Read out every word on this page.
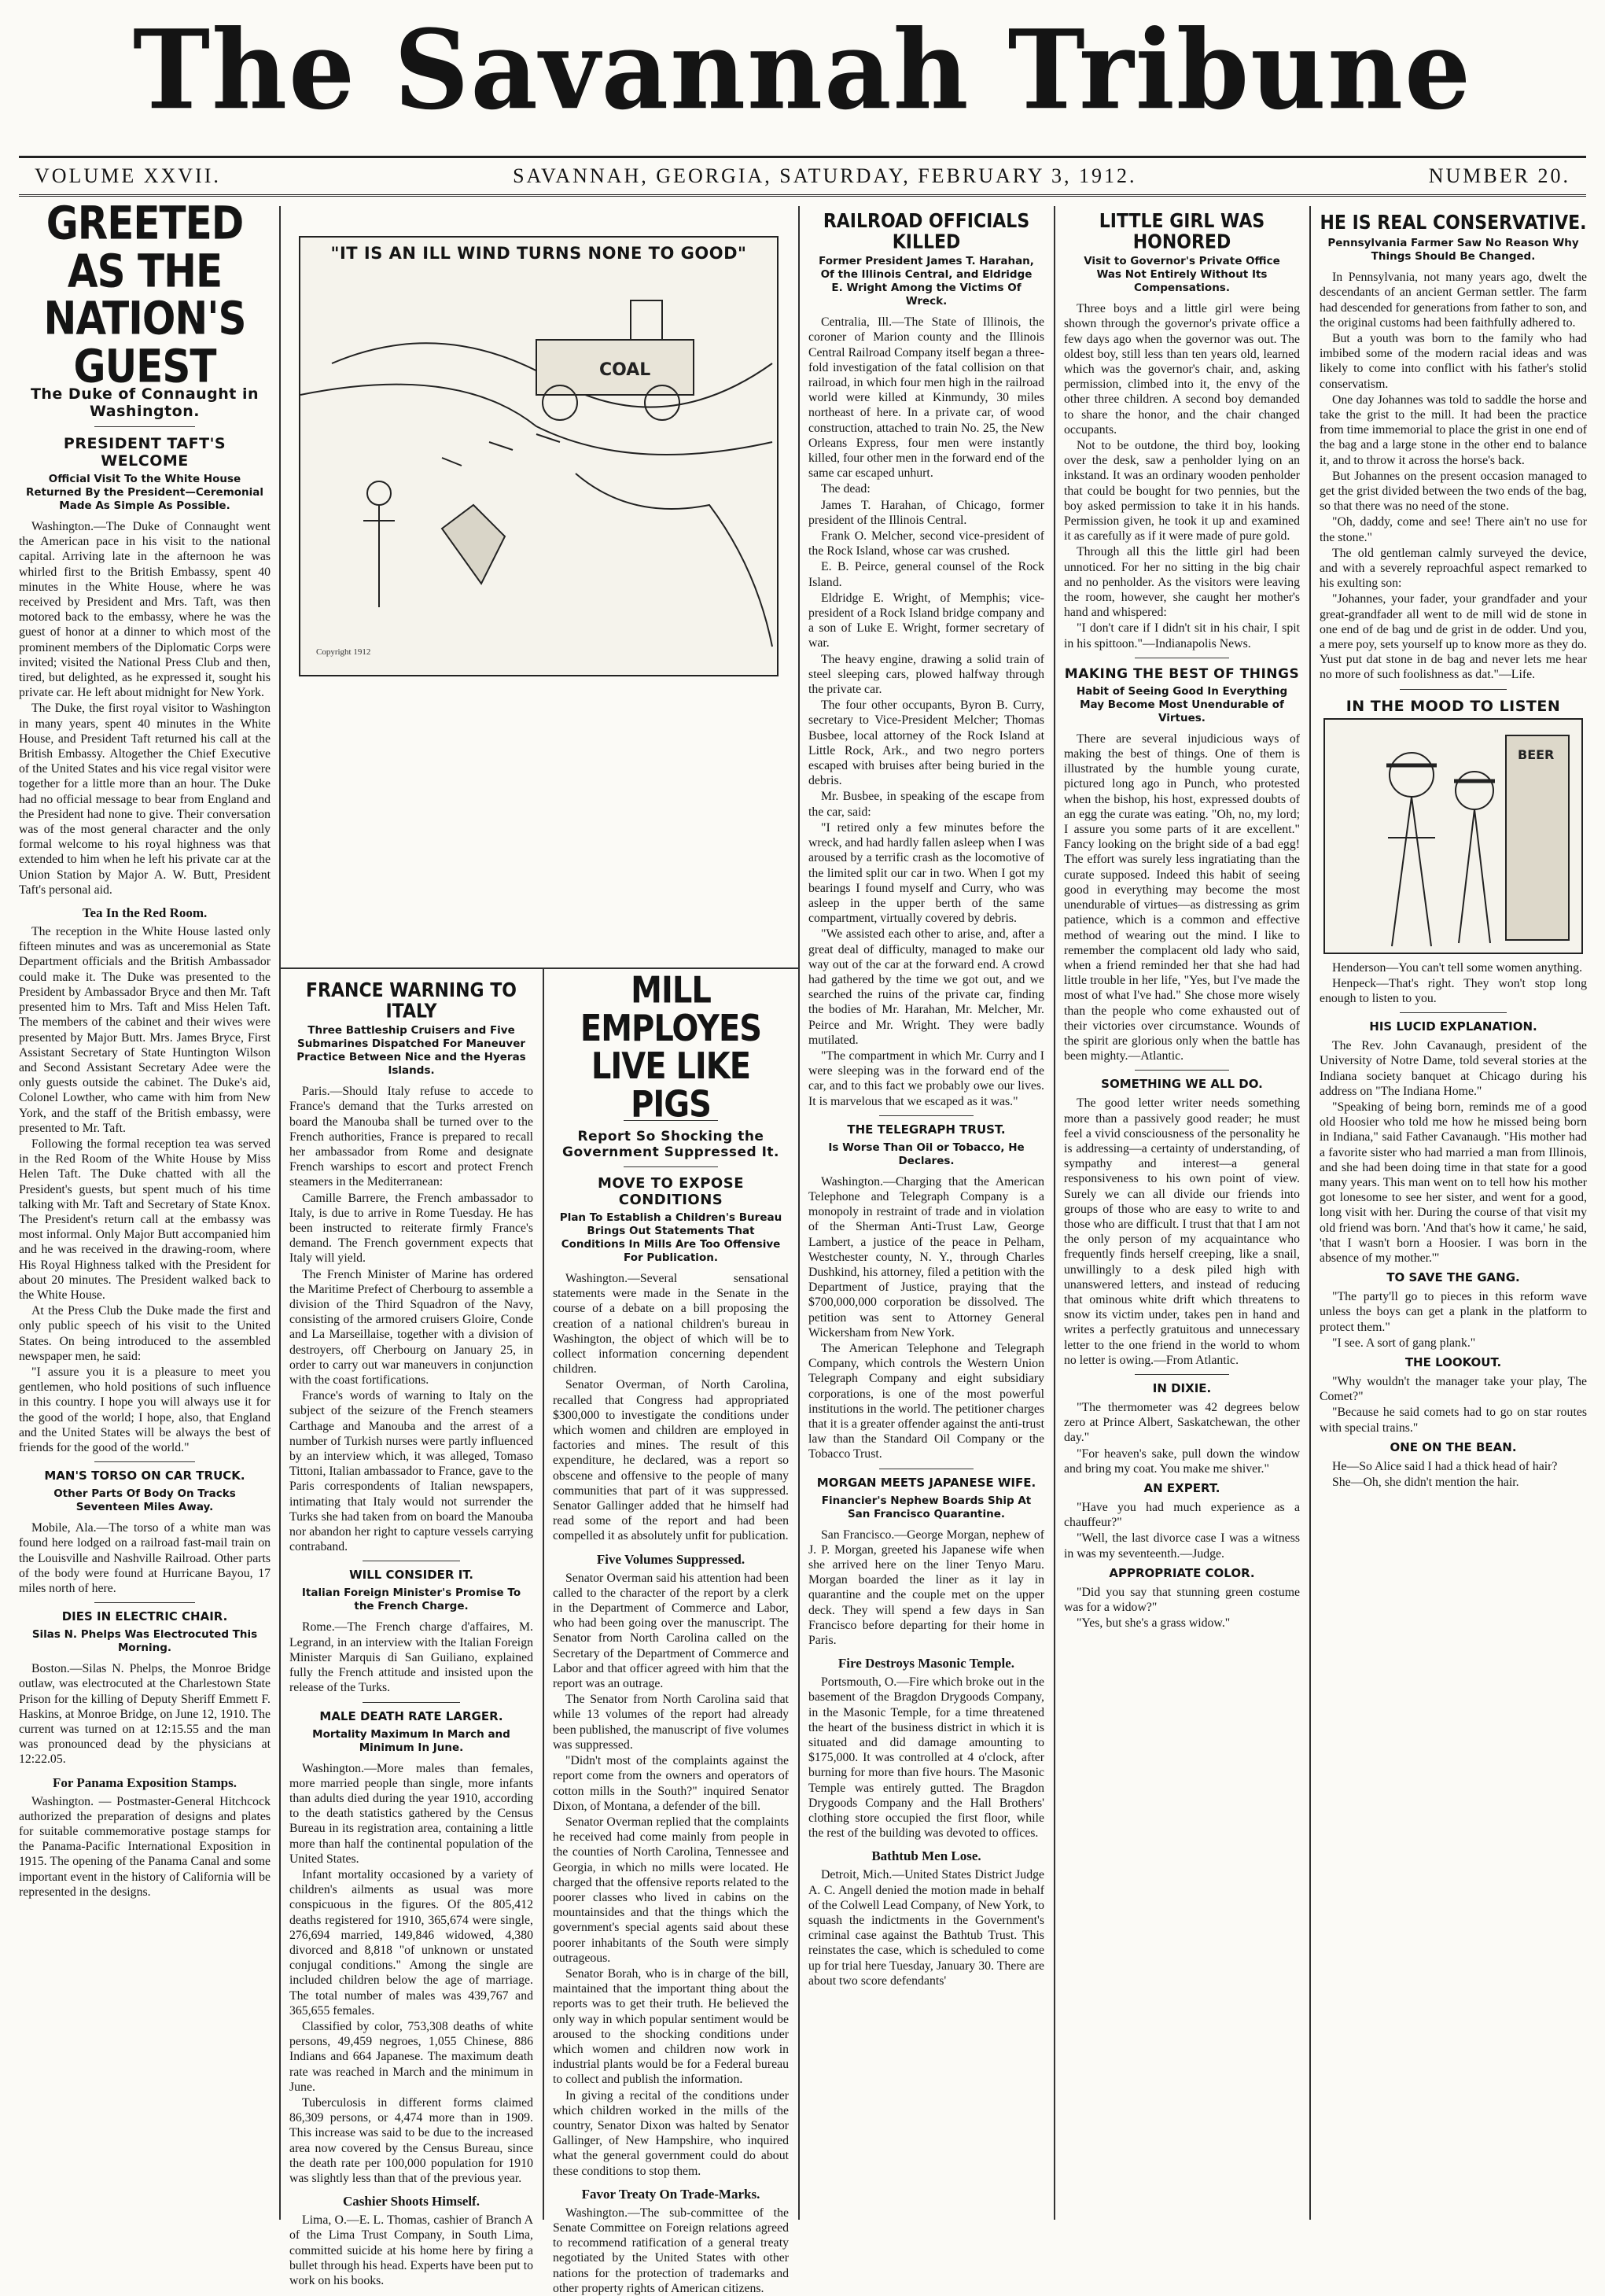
The Savannah Tribune
VOLUME XXVII.	SAVANNAH, GEORGIA, SATURDAY, FEBRUARY 3, 1912.	NUMBER 20.
GREETED AS THE NATION'S GUEST
The Duke of Connaught in Washington.
PRESIDENT TAFT'S WELCOME
Official Visit To the White House Returned By the President—Ceremonial Made As Simple As Possible.

Washington.—The Duke of Connaught went the American pace in his visit to the national capital. Arriving late in the afternoon he was whirled first to the British Embassy, spent 40 minutes in the White House, where he was received by President and Mrs. Taft, was then motored back to the embassy, where he was the guest of honor at a dinner to which most of the prominent members of the Diplomatic Corps were invited; visited the National Press Club and then, tired, but delighted, as he expressed it, sought his private car. He left about midnight for New York.

The Duke, the first royal visitor to Washington in many years, spent 40 minutes in the White House, and President Taft returned his call at the British Embassy. Altogether the Chief Executive of the United States and his vice regal visitor were together for a little more than an hour. The Duke had no official message to bear from England and the President had none to give. Their conversation was of the most general character and the only formal welcome to his royal highness was that extended to him when he left his private car at the Union Station by Major A. W. Butt, President Taft's personal aid.

Tea In the Red Room.

The reception in the White House lasted only fifteen minutes and was as unceremonial as State Department officials and the British Ambassador could make it. The Duke was presented to the President by Ambassador Bryce and then Mr. Taft presented him to Mrs. Taft and Miss Helen Taft. The members of the cabinet and their wives were presented by Major Butt. Mrs. James Bryce, First Assistant Secretary of State Huntington Wilson and Second Assistant Secretary Adee were the only guests outside the cabinet. The Duke's aid, Colonel Lowther, who came with him from New York, and the staff of the British embassy, were presented to Mr. Taft.

Following the formal reception tea was served in the Red Room of the White House by Miss Helen Taft. The Duke chatted with all the President's guests, but spent much of his time talking with Mr. Taft and Secretary of State Knox. The President's return call at the embassy was most informal. Only Major Butt accompanied him and he was received in the drawing-room, where His Royal Highness talked with the President for about 20 minutes. The President walked back to the White House.

At the Press Club the Duke made the first and only public speech of his visit to the United States. On being introduced to the assembled newspaper men, he said:

"I assure you it is a pleasure to meet you gentlemen, who hold positions of such influence in this country. I hope you will always use it for the good of the world; I hope, also, that England and the United States will be always the best of friends for the good of the world."

MAN'S TORSO ON CAR TRUCK.
Other Parts Of Body On Tracks Seventeen Miles Away.

Mobile, Ala.—The torso of a white man was found here lodged on a railroad fast-mail train on the Louisville and Nashville Railroad. Other parts of the body were found at Hurricane Bayou, 17 miles north of here.

DIES IN ELECTRIC CHAIR.
Silas N. Phelps Was Electrocuted This Morning.

Boston.—Silas N. Phelps, the Monroe Bridge outlaw, was electrocuted at the Charlestown State Prison for the killing of Deputy Sheriff Emmett F. Haskins, at Monroe Bridge, on June 12, 1910. The current was turned on at 12:15.55 and the man was pronounced dead by the physicians at 12:22.05.

For Panama Exposition Stamps.

Washington. — Postmaster-General Hitchcock authorized the preparation of designs and plates for suitable commemorative postage stamps for the Panama-Pacific International Exposition in 1915. The opening of the Panama Canal and some important event in the history of California will be represented in the designs.

"IT IS AN ILL WIND TURNS NONE TO GOOD"
COAL
Copyright 1912
FRANCE WARNING TO ITALY
Three Battleship Cruisers and Five Submarines Dispatched For Maneuver Practice Between Nice and the Hyeras Islands.

Paris.—Should Italy refuse to accede to France's demand that the Turks arrested on board the Manouba shall be turned over to the French authorities, France is prepared to recall her ambassador from Rome and designate French warships to escort and protect French steamers in the Mediterranean:

Camille Barrere, the French ambassador to Italy, is due to arrive in Rome Tuesday. He has been instructed to reiterate firmly France's demand. The French government expects that Italy will yield.

The French Minister of Marine has ordered the Maritime Prefect of Cherbourg to assemble a division of the Third Squadron of the Navy, consisting of the armored cruisers Gloire, Conde and La Marseillaise, together with a division of destroyers, off Cherbourg on January 25, in order to carry out war maneuvers in conjunction with the coast fortifications.

France's words of warning to Italy on the subject of the seizure of the French steamers Carthage and Manouba and the arrest of a number of Turkish nurses were partly influenced by an interview which, it was alleged, Tomaso Tittoni, Italian ambassador to France, gave to the Paris correspondents of Italian newspapers, intimating that Italy would not surrender the Turks she had taken from on board the Manouba nor abandon her right to capture vessels carrying contraband.

WILL CONSIDER IT.
Italian Foreign Minister's Promise To the French Charge.

Rome.—The French charge d'affaires, M. Legrand, in an interview with the Italian Foreign Minister Marquis di San Guiliano, explained fully the French attitude and insisted upon the release of the Turks.

MALE DEATH RATE LARGER.
Mortality Maximum In March and Minimum In June.

Washington.—More males than females, more married people than single, more infants than adults died during the year 1910, according to the death statistics gathered by the Census Bureau in its registration area, containing a little more than half the continental population of the United States.

Infant mortality occasioned by a variety of children's ailments as usual was more conspicuous in the figures. Of the 805,412 deaths registered for 1910, 365,674 were single, 276,694 married, 149,846 widowed, 4,380 divorced and 8,818 "of unknown or unstated conjugal conditions." Among the single are included children below the age of marriage. The total number of males was 439,767 and 365,655 females.

Classified by color, 753,308 deaths of white persons, 49,459 negroes, 1,055 Chinese, 886 Indians and 664 Japanese. The maximum death rate was reached in March and the minimum in June.

Tuberculosis in different forms claimed 86,309 persons, or 4,474 more than in 1909. This increase was said to be due to the increased area now covered by the Census Bureau, since the death rate per 100,000 population for 1910 was slightly less than that of the previous year.

Cashier Shoots Himself.

Lima, O.—E. L. Thomas, cashier of Branch A of the Lima Trust Company, in South Lima, committed suicide at his home here by firing a bullet through his head. Experts have been put to work on his books.

MILL EMPLOYES LIVE LIKE PIGS
Report So Shocking the Government Suppressed It.
MOVE TO EXPOSE CONDITIONS
Plan To Establish a Children's Bureau Brings Out Statements That Conditions In Mills Are Too Offensive For Publication.

Washington.—Several sensational statements were made in the Senate in the course of a debate on a bill proposing the creation of a national children's bureau in Washington, the object of which will be to collect information concerning dependent children.

Senator Overman, of North Carolina, recalled that Congress had appropriated $300,000 to investigate the conditions under which women and children are employed in factories and mines. The result of this expenditure, he declared, was a report so obscene and offensive to the people of many communities that part of it was suppressed. Senator Gallinger added that he himself had read some of the report and had been compelled it as absolutely unfit for publication.

Five Volumes Suppressed.

Senator Overman said his attention had been called to the character of the report by a clerk in the Department of Commerce and Labor, who had been going over the manuscript. The Senator from North Carolina called on the Secretary of the Department of Commerce and Labor and that officer agreed with him that the report was an outrage.

The Senator from North Carolina said that while 13 volumes of the report had already been published, the manuscript of five volumes was suppressed.

"Didn't most of the complaints against the report come from the owners and operators of cotton mills in the South?" inquired Senator Dixon, of Montana, a defender of the bill.

Senator Overman replied that the complaints he received had come mainly from people in the counties of North Carolina, Tennessee and Georgia, in which no mills were located. He charged that the offensive reports related to the poorer classes who lived in cabins on the mountainsides and that the things which the government's special agents said about these poorer inhabitants of the South were simply outrageous.

Senator Borah, who is in charge of the bill, maintained that the important thing about the reports was to get their truth. He believed the only way in which popular sentiment would be aroused to the shocking conditions under which women and children now work in industrial plants would be for a Federal bureau to collect and publish the information.

In giving a recital of the conditions under which children worked in the mills of the country, Senator Dixon was halted by Senator Gallinger, of New Hampshire, who inquired what the general government could do about these conditions to stop them.

Favor Treaty On Trade-Marks.

Washington.—The sub-committee of the Senate Committee on Foreign relations agreed to recommend ratification of a general treaty negotiated by the United States with other nations for the protection of trademarks and other property rights of American citizens.

RAILROAD OFFICIALS KILLED
Former President James T. Harahan, Of the Illinois Central, and Eldridge E. Wright Among the Victims Of Wreck.

Centralia, Ill.—The State of Illinois, the coroner of Marion county and the Illinois Central Railroad Company itself began a three-fold investigation of the fatal collision on that railroad, in which four men high in the railroad world were killed at Kinmundy, 30 miles northeast of here. In a private car, of wood construction, attached to train No. 25, the New Orleans Express, four men were instantly killed, four other men in the forward end of the same car escaped unhurt.

The dead:

James T. Harahan, of Chicago, former president of the Illinois Central.

Frank O. Melcher, second vice-president of the Rock Island, whose car was crushed.

E. B. Peirce, general counsel of the Rock Island.

Eldridge E. Wright, of Memphis; vice-president of a Rock Island bridge company and a son of Luke E. Wright, former secretary of war.

The heavy engine, drawing a solid train of steel sleeping cars, plowed halfway through the private car.

The four other occupants, Byron B. Curry, secretary to Vice-President Melcher; Thomas Busbee, local attorney of the Rock Island at Little Rock, Ark., and two negro porters escaped with bruises after being buried in the debris.

Mr. Busbee, in speaking of the escape from the car, said:

"I retired only a few minutes before the wreck, and had hardly fallen asleep when I was aroused by a terrific crash as the locomotive of the limited split our car in two. When I got my bearings I found myself and Curry, who was asleep in the upper berth of the same compartment, virtually covered by debris.

"We assisted each other to arise, and, after a great deal of difficulty, managed to make our way out of the car at the forward end. A crowd had gathered by the time we got out, and we searched the ruins of the private car, finding the bodies of Mr. Harahan, Mr. Melcher, Mr. Peirce and Mr. Wright. They were badly mutilated.

"The compartment in which Mr. Curry and I were sleeping was in the forward end of the car, and to this fact we probably owe our lives. It is marvelous that we escaped as it was."

THE TELEGRAPH TRUST.
Is Worse Than Oil or Tobacco, He Declares.

Washington.—Charging that the American Telephone and Telegraph Company is a monopoly in restraint of trade and in violation of the Sherman Anti-Trust Law, George Lambert, a justice of the peace in Pelham, Westchester county, N. Y., through Charles Dushkind, his attorney, filed a petition with the Department of Justice, praying that the $700,000,000 corporation be dissolved. The petition was sent to Attorney General Wickersham from New York.

The American Telephone and Telegraph Company, which controls the Western Union Telegraph Company and eight subsidiary corporations, is one of the most powerful institutions in the world. The petitioner charges that it is a greater offender against the anti-trust law than the Standard Oil Company or the Tobacco Trust.

MORGAN MEETS JAPANESE WIFE.
Financier's Nephew Boards Ship At San Francisco Quarantine.

San Francisco.—George Morgan, nephew of J. P. Morgan, greeted his Japanese wife when she arrived here on the liner Tenyo Maru. Morgan boarded the liner as it lay in quarantine and the couple met on the upper deck. They will spend a few days in San Francisco before departing for their home in Paris.

Fire Destroys Masonic Temple.

Portsmouth, O.—Fire which broke out in the basement of the Bragdon Drygoods Company, in the Masonic Temple, for a time threatened the heart of the business district in which it is situated and did damage amounting to $175,000. It was controlled at 4 o'clock, after burning for more than five hours. The Masonic Temple was entirely gutted. The Bragdon Drygoods Company and the Hall Brothers' clothing store occupied the first floor, while the rest of the building was devoted to offices.

Bathtub Men Lose.

Detroit, Mich.—United States District Judge A. C. Angell denied the motion made in behalf of the Colwell Lead Company, of New York, to squash the indictments in the Government's criminal case against the Bathtub Trust. This reinstates the case, which is scheduled to come up for trial here Tuesday, January 30. There are about two score defendants'

LITTLE GIRL WAS HONORED
Visit to Governor's Private Office Was Not Entirely Without Its Compensations.

Three boys and a little girl were being shown through the governor's private office a few days ago when the governor was out. The oldest boy, still less than ten years old, learned which was the governor's chair, and, asking permission, climbed into it, the envy of the other three children. A second boy demanded to share the honor, and the chair changed occupants.

Not to be outdone, the third boy, looking over the desk, saw a penholder lying on an inkstand. It was an ordinary wooden penholder that could be bought for two pennies, but the boy asked permission to take it in his hands. Permission given, he took it up and examined it as carefully as if it were made of pure gold.

Through all this the little girl had been unnoticed. For her no sitting in the big chair and no penholder. As the visitors were leaving the room, however, she caught her mother's hand and whispered:

"I don't care if I didn't sit in his chair, I spit in his spittoon."—Indianapolis News.

MAKING THE BEST OF THINGS
Habit of Seeing Good In Everything May Become Most Unendurable of Virtues.

There are several injudicious ways of making the best of things. One of them is illustrated by the humble young curate, pictured long ago in Punch, who protested when the bishop, his host, expressed doubts of an egg the curate was eating. "Oh, no, my lord; I assure you some parts of it are excellent." Fancy looking on the bright side of a bad egg! The effort was surely less ingratiating than the curate supposed. Indeed this habit of seeing good in everything may become the most unendurable of virtues—as distressing as grim patience, which is a common and effective method of wearing out the mind. I like to remember the complacent old lady who said, when a friend reminded her that she had had little trouble in her life, "Yes, but I've made the most of what I've had." She chose more wisely than the people who come exhausted out of their victories over circumstance. Wounds of the spirit are glorious only when the battle has been mighty.—Atlantic.

SOMETHING WE ALL DO.

The good letter writer needs something more than a passively good reader; he must feel a vivid consciousness of the personality he is addressing—a certainty of understanding, of sympathy and interest—a general responsiveness to his own point of view. Surely we can all divide our friends into groups of those who are easy to write to and those who are difficult. I trust that that I am not the only person of my acquaintance who frequently finds herself creeping, like a snail, unwillingly to a desk piled high with unanswered letters, and instead of reducing that ominous white drift which threatens to snow its victim under, takes pen in hand and writes a perfectly gratuitous and unnecessary letter to the one friend in the world to whom no letter is owing.—From Atlantic.

IN DIXIE.

"The thermometer was 42 degrees below zero at Prince Albert, Saskatchewan, the other day."

"For heaven's sake, pull down the window and bring my coat. You make me shiver."

AN EXPERT.

"Have you had much experience as a chauffeur?"

"Well, the last divorce case I was a witness in was my seventeenth.—Judge.

APPROPRIATE COLOR.

"Did you say that stunning green costume was for a widow?"

"Yes, but she's a grass widow."

HE IS REAL CONSERVATIVE.
Pennsylvania Farmer Saw No Reason Why Things Should Be Changed.

In Pennsylvania, not many years ago, dwelt the descendants of an ancient German settler. The farm had descended for generations from father to son, and the original customs had been faithfully adhered to.

But a youth was born to the family who had imbibed some of the modern racial ideas and was likely to come into conflict with his father's stolid conservatism.

One day Johannes was told to saddle the horse and take the grist to the mill. It had been the practice from time immemorial to place the grist in one end of the bag and a large stone in the other end to balance it, and to throw it across the horse's back.

But Johannes on the present occasion managed to get the grist divided between the two ends of the bag, so that there was no need of the stone.

"Oh, daddy, come and see! There ain't no use for the stone."

The old gentleman calmly surveyed the device, and with a severely reproachful aspect remarked to his exulting son:

"Johannes, your fader, your grandfader and your great-grandfader all went to de mill wid de stone in one end of de bag und de grist in de odder. Und you, a mere poy, sets yourself up to know more as they do. Yust put dat stone in de bag and never lets me hear no more of such foolishness as dat."—Life.

IN THE MOOD TO LISTEN
BEER

Henderson—You can't tell some women anything.

Henpeck—That's right. They won't stop long enough to listen to you.

HIS LUCID EXPLANATION.

The Rev. John Cavanaugh, president of the University of Notre Dame, told several stories at the Indiana society banquet at Chicago during his address on "The Indiana Home."

"Speaking of being born, reminds me of a good old Hoosier who told me how he missed being born in Indiana," said Father Cavanaugh. "His mother had a favorite sister who had married a man from Illinois, and she had been doing time in that state for a good many years. This man went on to tell how his mother got lonesome to see her sister, and went for a good, long visit with her. During the course of that visit my old friend was born. 'And that's how it came,' he said, 'that I wasn't born a Hoosier. I was born in the absence of my mother.'"

TO SAVE THE GANG.

"The party'll go to pieces in this reform wave unless the boys can get a plank in the platform to protect them."

"I see. A sort of gang plank."

THE LOOKOUT.

"Why wouldn't the manager take your play, The Comet?"

"Because he said comets had to go on star routes with special trains."

ONE ON THE BEAN.

He—So Alice said I had a thick head of hair?

She—Oh, she didn't mention the hair.
